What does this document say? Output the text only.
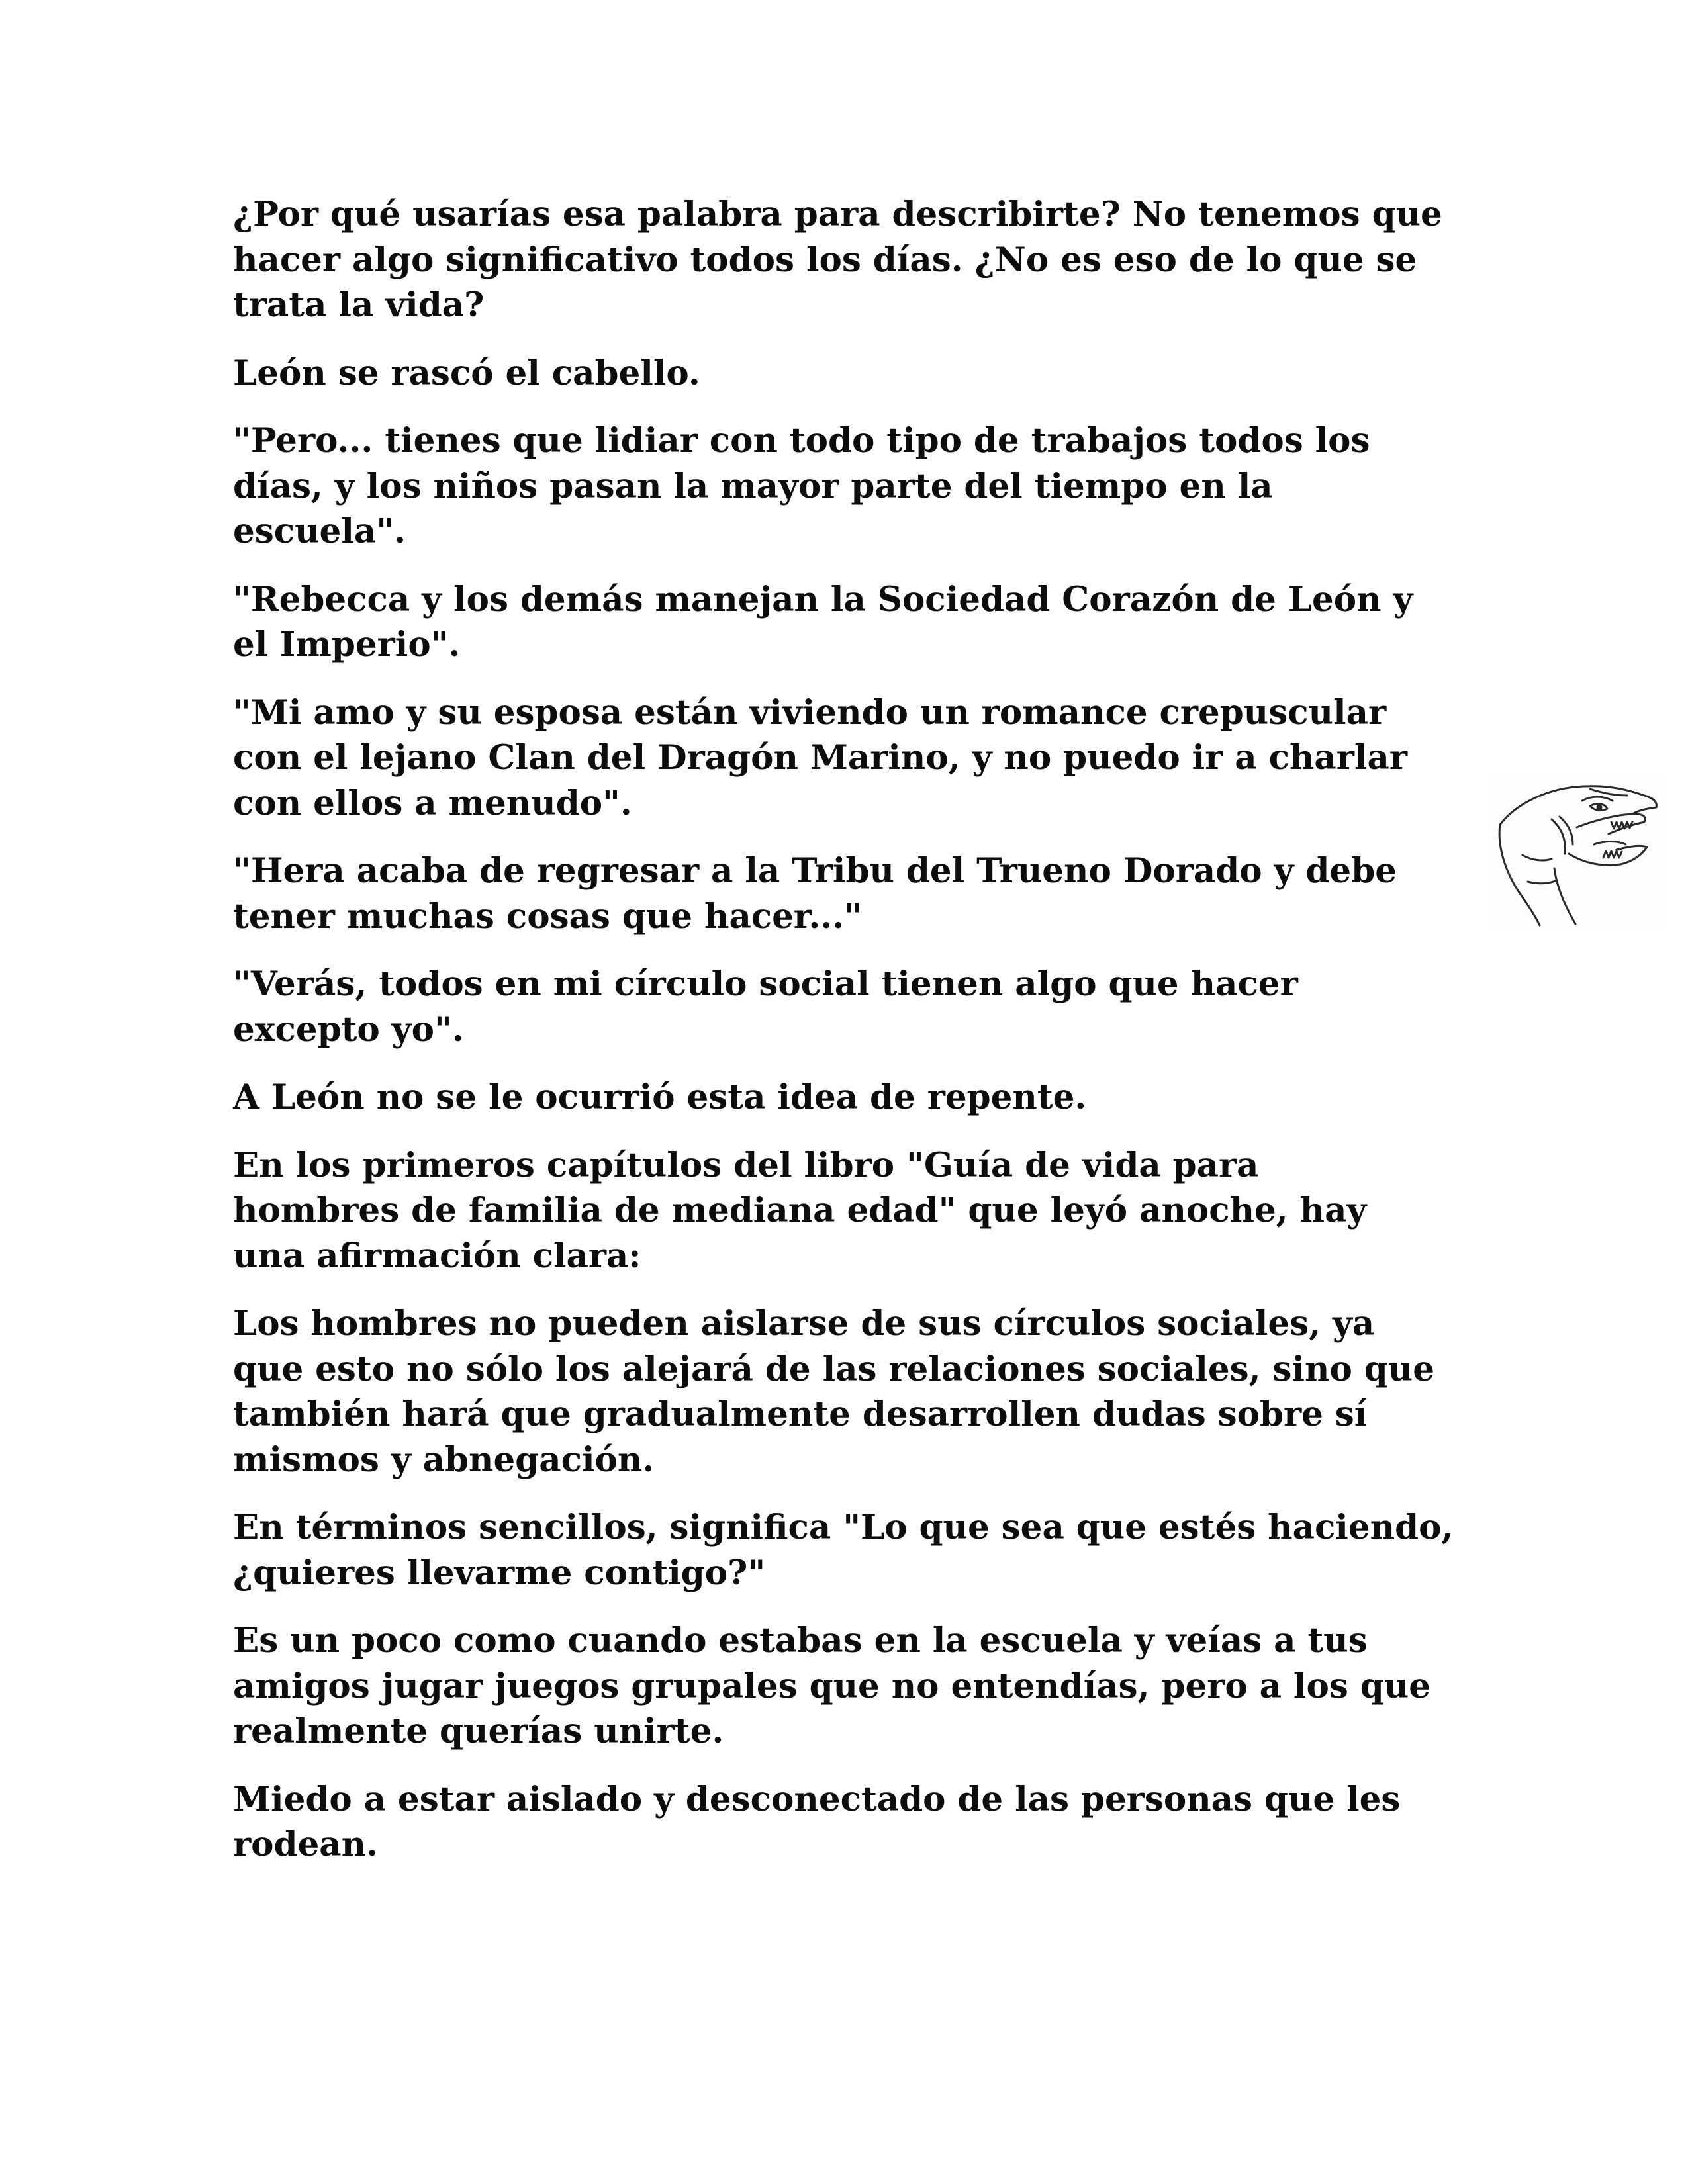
¿Por qué usarías esa palabra para describirte? No tenemos que
hacer algo significativo todos los días. ¿No es eso de lo que se
trata la vida?

León se rascó el cabello.

"Pero... tienes que lidiar con todo tipo de trabajos todos los
días, y los niños pasan la mayor parte del tiempo en la
escuela".

"Rebecca y los demás manejan la Sociedad Corazón de León y
el Imperio".

"Mi amo y su esposa están viviendo un romance crepuscular
con el lejano Clan del Dragón Marino, y no puedo ir a charlar
con ellos a menudo".

"Hera acaba de regresar a la Tribu del Trueno Dorado y debe
tener muchas cosas que hacer..."

"Verás, todos en mi círculo social tienen algo que hacer
excepto yo".

A León no se le ocurrió esta idea de repente.

En los primeros capítulos del libro "Guía de vida para
hombres de familia de mediana edad" que leyó anoche, hay
una afirmación clara:

Los hombres no pueden aislarse de sus círculos sociales, ya
que esto no sólo los alejará de las relaciones sociales, sino que
también hará que gradualmente desarrollen dudas sobre sí
mismos y abnegación.

En términos sencillos, significa "Lo que sea que estés haciendo,
¿quieres llevarme contigo?"

Es un poco como cuando estabas en la escuela y veías a tus
amigos jugar juegos grupales que no entendías, pero a los que
realmente querías unirte.

Miedo a estar aislado y desconectado de las personas que les
rodean.
